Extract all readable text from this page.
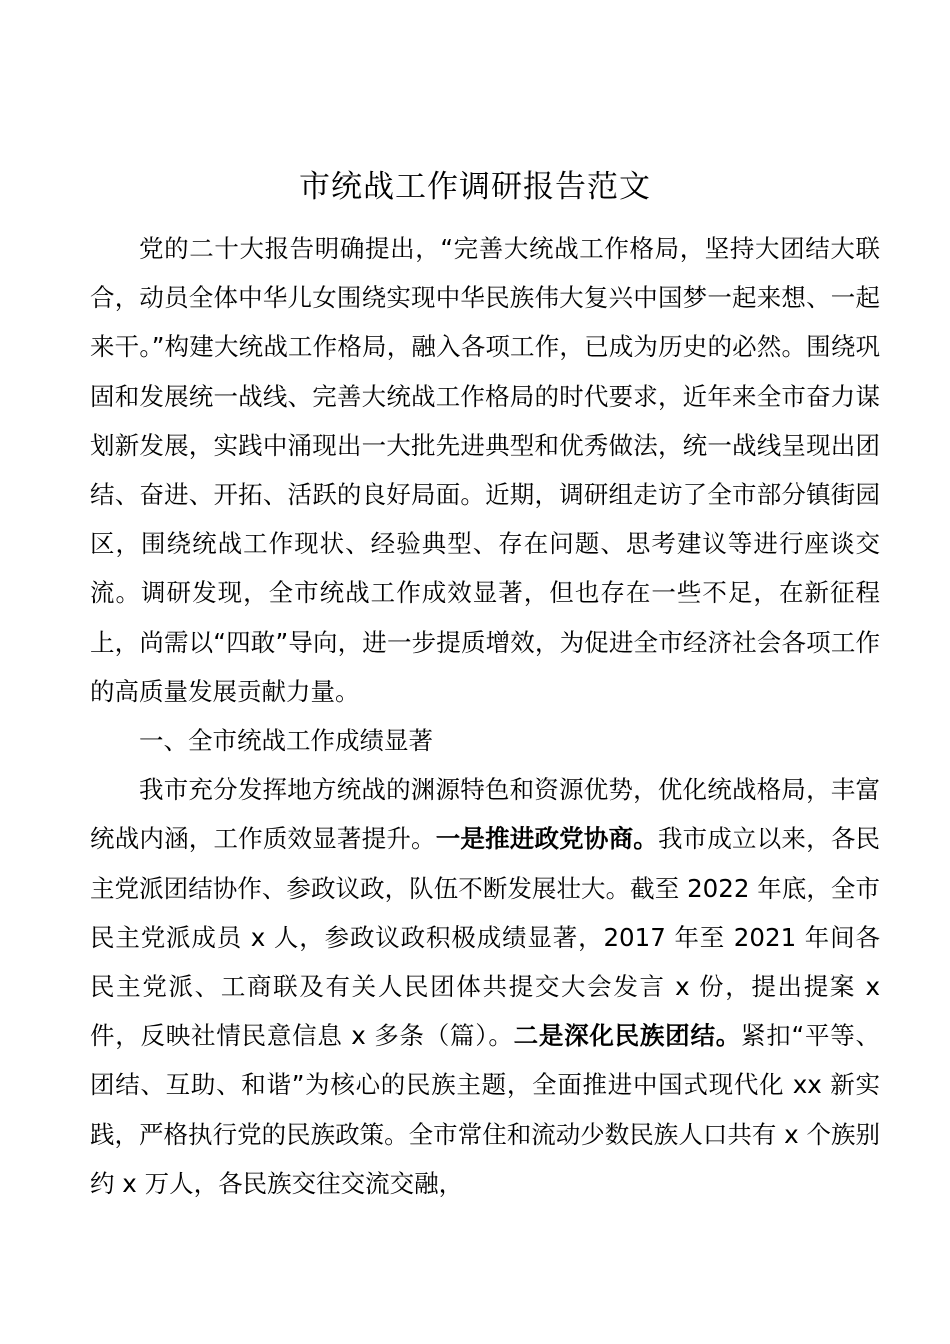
市统战工作调研报告范文

党的二十大报告明确提出，“完善大统战工作格局，坚持大团结大联合，动员全体中华儿女围绕实现中华民族伟大复兴中国梦一起来想、一起来干。”构建大统战工作格局，融入各项工作，已成为历史的必然。围绕巩固和发展统一战线、完善大统战工作格局的时代要求，近年来全市奋力谋划新发展，实践中涌现出一大批先进典型和优秀做法，统一战线呈现出团结、奋进、开拓、活跃的良好局面。近期，调研组走访了全市部分镇街园区，围绕统战工作现状、经验典型、存在问题、思考建议等进行座谈交流。调研发现，全市统战工作成效显著，但也存在一些不足，在新征程上，尚需以“四敢”导向，进一步提质增效，为促进全市经济社会各项工作的高质量发展贡献力量。

一、全市统战工作成绩显著

我市充分发挥地方统战的渊源特色和资源优势，优化统战格局，丰富统战内涵，工作质效显著提升。一是推进政党协商。我市成立以来，各民主党派团结协作、参政议政，队伍不断发展壮大。截至 2022 年底，全市民主党派成员 x 人，参政议政积极成绩显著，2017 年至 2021 年间各民主党派、工商联及有关人民团体共提交大会发言 x 份，提出提案 x 件，反映社情民意信息 x 多条（篇）。二是深化民族团结。紧扣“平等、团结、互助、和谐”为核心的民族主题，全面推进中国式现代化 xx 新实践，严格执行党的民族政策。全市常住和流动少数民族人口共有 x 个族别约 x 万人，各民族交往交流交融，
